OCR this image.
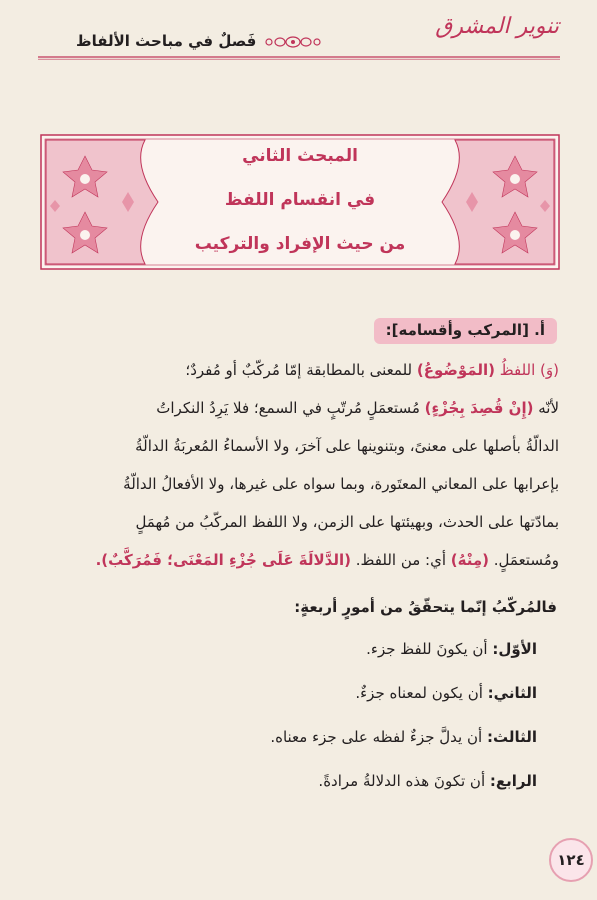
تنوير المشرق
فَصلٌ في مباحث الألفاظ
المبحث الثاني
في انقسام اللفظ
من حيث الإفراد والتركيب
أ. [المركب وأقسامه]:
(وَ) اللفظُ (المَوْضُوعُ) للمعنى بالمطابقة إمّا مُركّبٌ أو مُفردٌ؛
لأنّه (إِنْ قُصِدَ بِجُزْءٍ) مُستعمَلٍ مُرتّبٍ في السمع؛ فلا يَرِدُ النكراتُ
الدالّةُ بأصلها على معنىً، وبتنوينها على آخرَ، ولا الأسماءُ المُعربَةُ الدالّةُ
بإعرابها على المعاني المعتَورة، وبما سواه على غيرها، ولا الأفعالُ الدالّةُ
بمادّتها على الحدث، وبهيئتها على الزمن، ولا اللفظ المركّبُ من مُهمَلٍ
ومُستعمَلٍ. (مِنْهُ) أي: من اللفظ. (الدَّلالَةَ عَلَى جُزْءِ المَعْنَى؛ فَمُرَكَّبٌ).
فالمُركّبُ إنّما يتحقّقُ من أمورٍ أربعةٍ:
الأوّل: أن يكونَ للفظ جزء.
الثاني: أن يكون لمعناه جزءٌ.
الثالث: أن يدلَّ جزءٌ لفظه على جزء معناه.
الرابع: أن تكونَ هذه الدلالةُ مرادةً.
١٢٤
